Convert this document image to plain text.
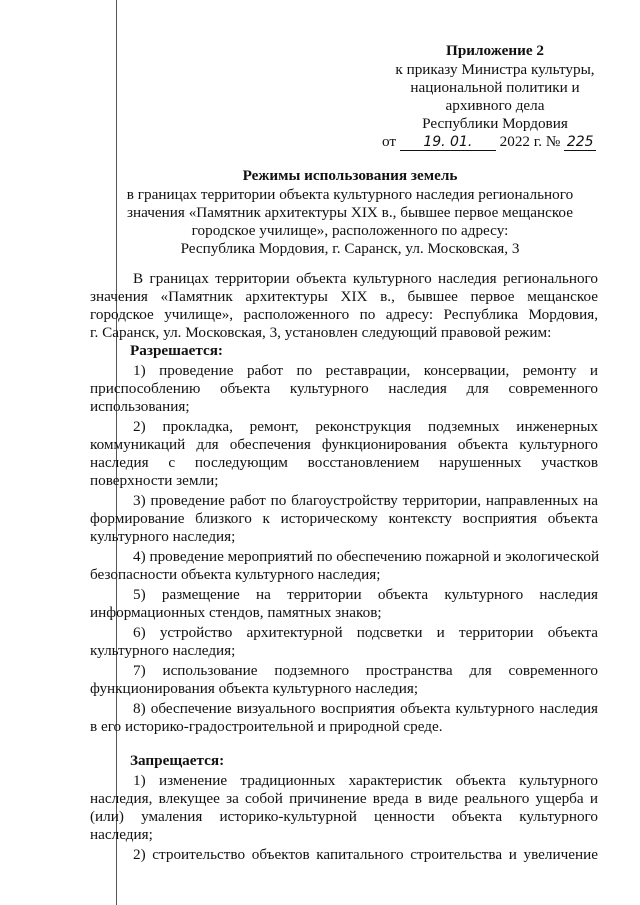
Приложение 2
к приказу Министра культуры,
национальной политики и
архивного дела
Республики Мордовия
от 19. 01. 2022 г. № 225
Режимы использования земель
в границах территории объекта культурного наследия регионального
значения «Памятник архитектуры XIX в., бывшее первое мещанское
городское училище», расположенного по адресу:
Республика Мордовия, г. Саранск, ул. Московская, 3
В границах территории объекта культурного наследия регионального
значения «Памятник архитектуры XIX в., бывшее первое мещанское
городское училище», расположенного по адресу: Республика Мордовия,
г. Саранск, ул. Московская, 3, установлен следующий правовой режим:
Разрешается:
1) проведение работ по реставрации, консервации, ремонту и
приспособлению объекта культурного наследия для современного
использования;
2) прокладка, ремонт, реконструкция подземных инженерных
коммуникаций для обеспечения функционирования объекта культурного
наследия с последующим восстановлением нарушенных участков
поверхности земли;
3) проведение работ по благоустройству территории, направленных на
формирование близкого к историческому контексту восприятия объекта
культурного наследия;
4) проведение мероприятий по обеспечению пожарной и экологической
безопасности объекта культурного наследия;
5) размещение на территории объекта культурного наследия
информационных стендов, памятных знаков;
6) устройство архитектурной подсветки и территории объекта
культурного наследия;
7) использование подземного пространства для современного
функционирования объекта культурного наследия;
8) обеспечение визуального восприятия объекта культурного наследия
в его историко-градостроительной и природной среде.
Запрещается:
1) изменение традиционных характеристик объекта культурного
наследия, влекущее за собой причинение вреда в виде реального ущерба и
(или) умаления историко-культурной ценности объекта культурного
наследия;
2) строительство объектов капитального строительства и увеличение
